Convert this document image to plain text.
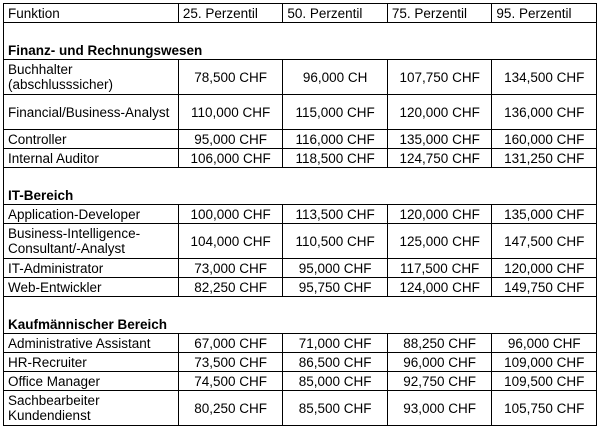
Funktion	25. Perzentil	50. Perzentil	75. Perzentil	95. Perzentil

Finanz- und Rechnungswesen				
Buchhalter (abschlusssicher)	78,500 CHF	96,000 CH	107,750 CHF	134,500 CHF
Financial/Business-Analyst	110,000 CHF	115,000 CHF	120,000 CHF	136,000 CHF
Controller	95,000 CHF	116,000 CHF	135,000 CHF	160,000 CHF
Internal Auditor	106,000 CHF	118,500 CHF	124,750 CHF	131,250 CHF

IT-Bereich				
Application-Developer	100,000 CHF	113,500 CHF	120,000 CHF	135,000 CHF
Business-Intelligence-Consultant/-Analyst	104,000 CHF	110,500 CHF	125,000 CHF	147,500 CHF
IT-Administrator	73,000 CHF	95,000 CHF	117,500 CHF	120,000 CHF
Web-Entwickler	82,250 CHF	95,750 CHF	124,000 CHF	149,750 CHF

Kaufmännischer Bereich				
Administrative Assistant	67,000 CHF	71,000 CHF	88,250 CHF	96,000 CHF
HR-Recruiter	73,500 CHF	86,500 CHF	96,000 CHF	109,000 CHF
Office Manager	74,500 CHF	85,000 CHF	92,750 CHF	109,500 CHF
Sachbearbeiter Kundendienst	80,250 CHF	85,500 CHF	93,000 CHF	105,750 CHF
